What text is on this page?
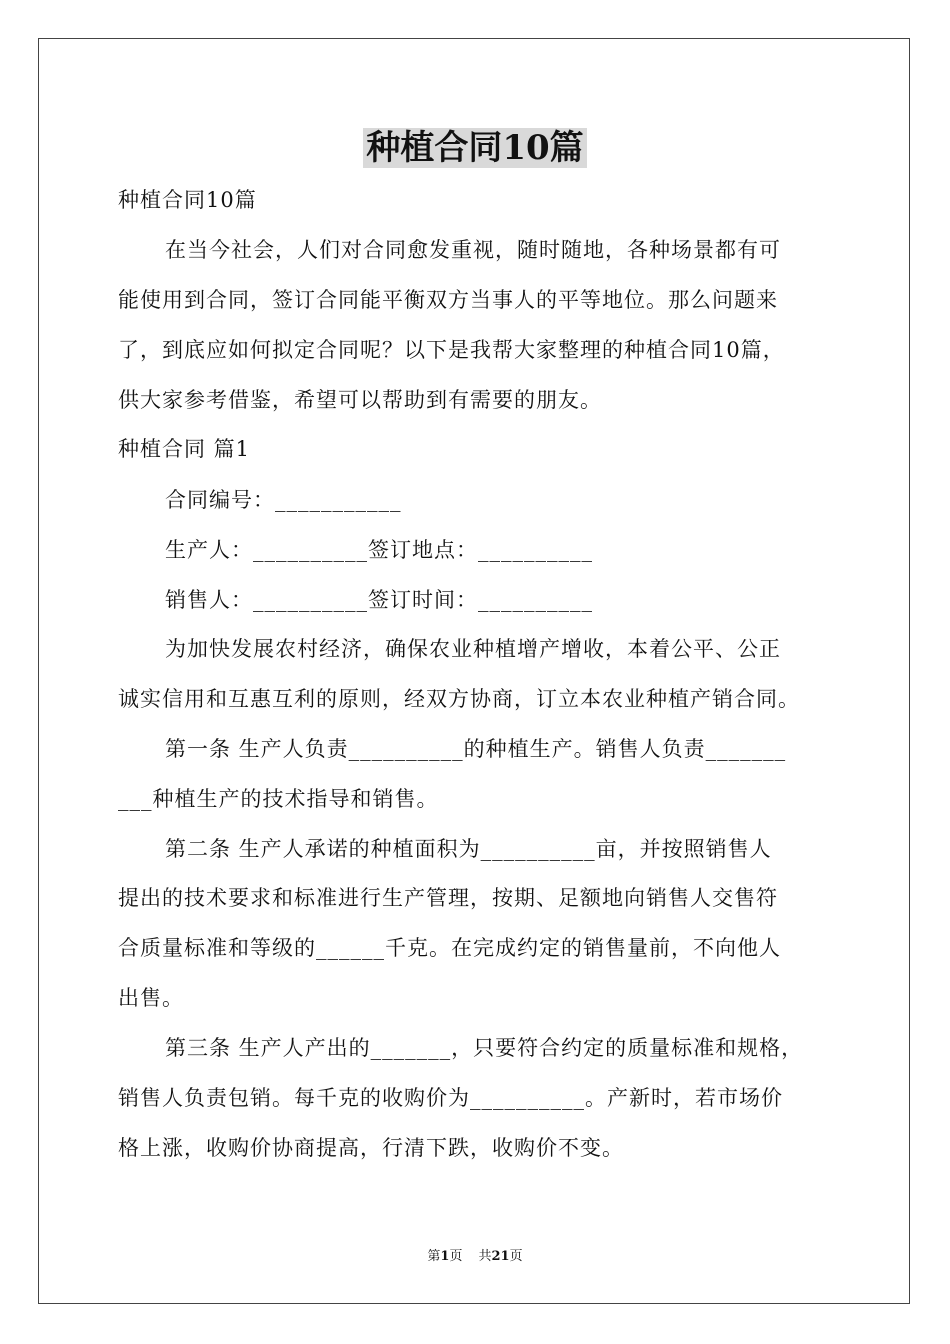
种植合同10篇
种植合同10篇
在当今社会，人们对合同愈发重视，随时随地，各种场景都有可
能使用到合同，签订合同能平衡双方当事人的平等地位。那么问题来
了，到底应如何拟定合同呢？以下是我帮大家整理的种植合同10篇，
供大家参考借鉴，希望可以帮助到有需要的朋友。
种植合同 篇1
合同编号：___________
生产人：__________签订地点：__________
销售人：__________签订时间：__________
为加快发展农村经济，确保农业种植增产增收，本着公平、公正
诚实信用和互惠互利的原则，经双方协商，订立本农业种植产销合同。
第一条 生产人负责__________的种植生产。销售人负责_______
___种植生产的技术指导和销售。
第二条 生产人承诺的种植面积为__________亩，并按照销售人
提出的技术要求和标准进行生产管理，按期、足额地向销售人交售符
合质量标准和等级的______千克。在完成约定的销售量前，不向他人
出售。
第三条 生产人产出的_______，只要符合约定的质量标准和规格，
销售人负责包销。每千克的收购价为__________。产新时，若市场价
格上涨，收购价协商提高，行清下跌，收购价不变。
第1页 共21页
